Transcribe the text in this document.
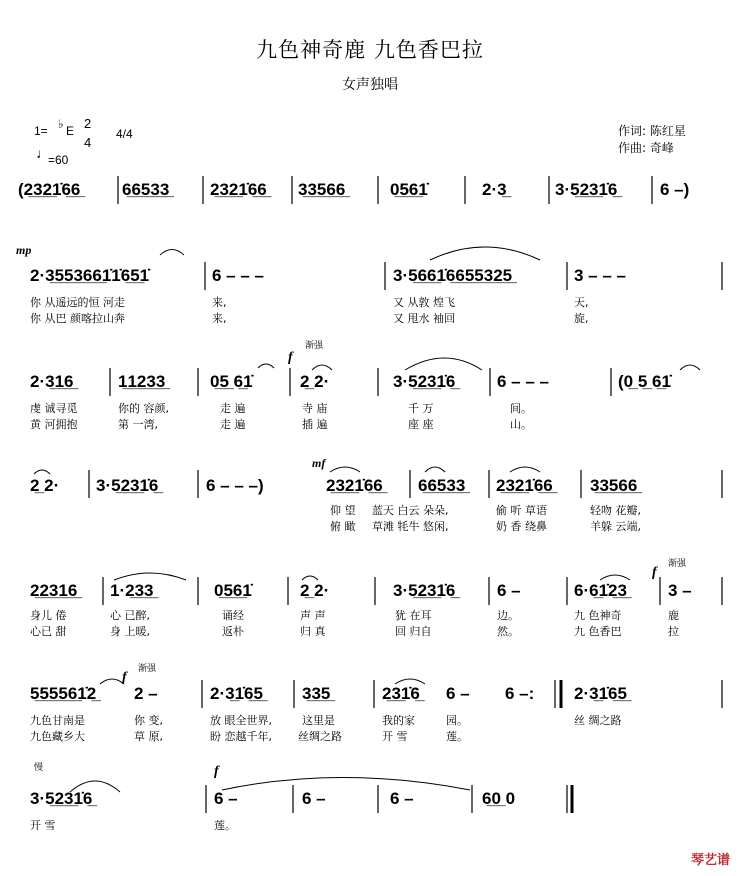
九色神奇鹿 九色香巴拉
女声独唱
作词: 陈红星
作曲: 奇峰
1= ♭ E 2
4
4/4
♩
=60
(2̲3̲2̲1̇6̲6̲ 6̲6̲5̲3̲3̲ 2̲3̲2̲1̇6̲6̲ 3̲3̲5̲6̲6̲	0̲5̲6̲1̇	2·3̲	3·5̲2̲3̲1̇6̲	6 –)
mp
2·3̲5̲5̲3̲6̲6̲1̇1̇6̲5̲1̇	6 – – –	3·5̲6̲6̲1̇6̲6̲5̲5̲3̲2̲5̲	3 – – –
你 从遥远的恒 河走	来,	又 从敦 煌飞	天,
你 从巴 颜喀拉山奔	来,	又 甩水 袖回	旋,
渐强
f
2·3̲1̲6̲	1̲1̲2̲3̲3̲	0̲5̲ 6̲1̇	2̲ 2·	3·5̲2̲3̲1̇6̲ 6 – – –	(0̲ 5̲ 6̲1̇
虔 诚寻觅	你的 容颜,	走 遍	寺 庙	千 万	间。
黄 河拥抱	第 一湾,	走 遍	插 遍	座 座	山。
mf
2̲ 2· 3·5̲2̲3̲1̇6̲	6 – – –)	2̲3̲2̲1̇6̲6̲ 6̲6̲5̲3̲3̲ 2̲3̲2̲1̇6̲6̲ 3̲3̲5̲6̲6̲
仰 望 蓝天 白云 朵朵,	偷 听 草语	轻吻 花瓣,
俯 瞰 草滩 牦牛 悠闲,	奶 香 绕鼻	羊躲 云端,
渐强
f
2̲2̲3̲1̲6̲ 1·2̲3̲3̲	0̲5̲6̲1̇	2̲ 2·	3·5̲2̲3̲1̇6̲ 6 –	6·6̲1̇2̲3̲ 3 –
身儿 倦	心 已醉,	诵经	声 声	犹 在耳	边。	九 色神奇	鹿
心已 甜	身 上暖,	返朴	归 真	回 归自	然。	九 色香巴	拉
渐强
f
5̲5̲5̲5̲6̲1̇2̲ 2 –	2·3̲1̇6̲5̲ 3̲3̲5̲	2̲3̲1̇6̲ 6 – 6 –: 2·3̲1̇6̲5̲
九色甘南是	你 变,	放 眼全世界,	这里是	我的家	园。	丝 绸之路
九色藏乡大	草 原,	盼 恋越千年, 丝绸之路	开 雪	莲。
慢	f
3·5̲2̲3̲1̇6̲	6 –	6 –	6 –	6̲0̲ 0
开 雪	莲。
琴艺谱
